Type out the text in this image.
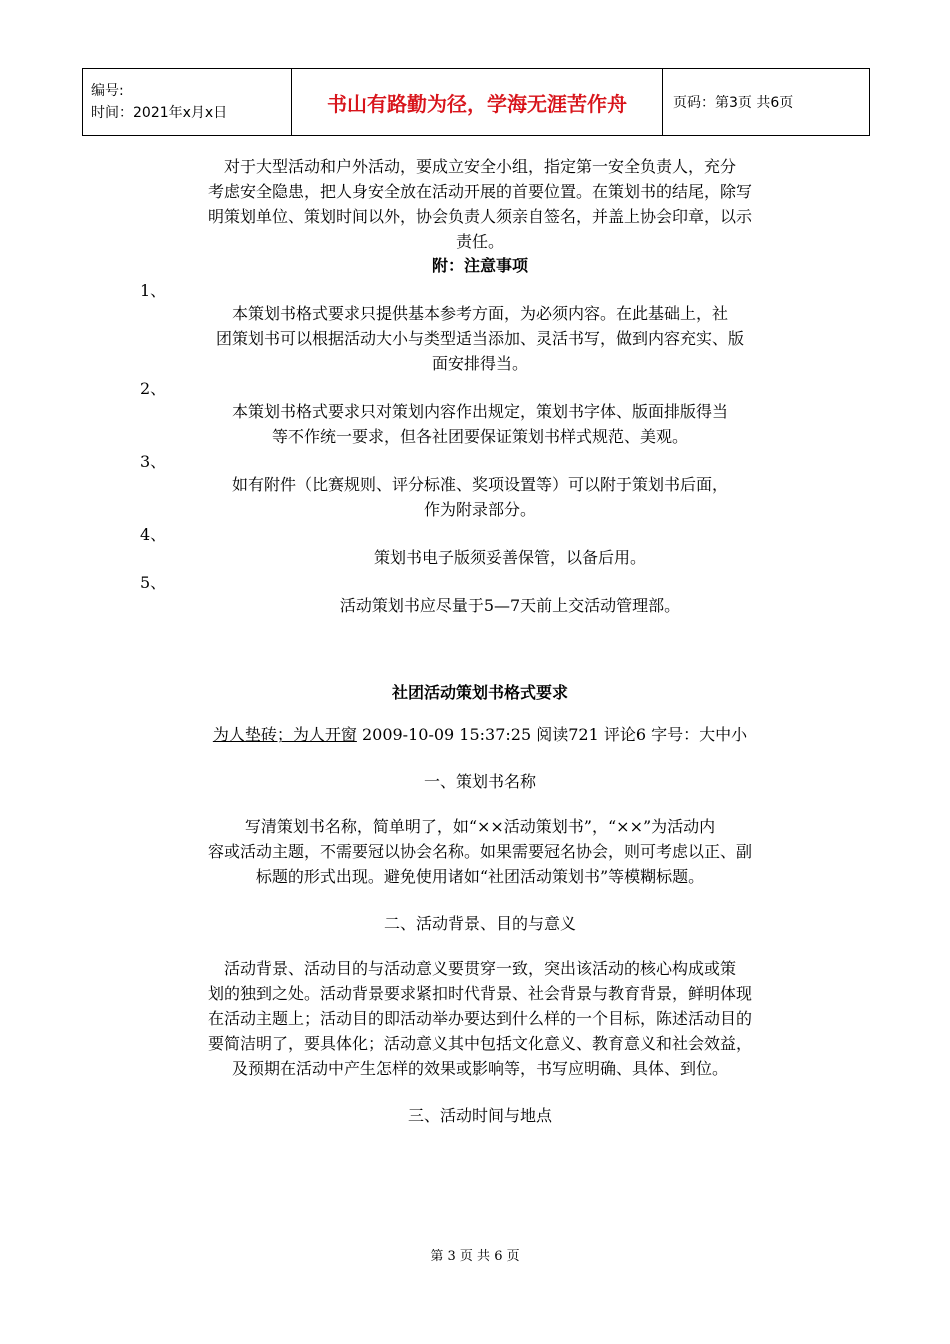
编号:
时间：2021年x月x日	书山有路勤为径，学海无涯苦作舟	页码：第3页 共6页

对于大型活动和户外活动，要成立安全小组，指定第一安全负责人，充分

考虑安全隐患，把人身安全放在活动开展的首要位置。在策划书的结尾，除写

明策划单位、策划时间以外，协会负责人须亲自签名，并盖上协会印章，以示

责任。

附：注意事项

1、

本策划书格式要求只提供基本参考方面，为必须内容。在此基础上，社

团策划书可以根据活动大小与类型适当添加、灵活书写，做到内容充实、版

面安排得当。

2、

本策划书格式要求只对策划内容作出规定，策划书字体、版面排版得当

等不作统一要求，但各社团要保证策划书样式规范、美观。

3、

如有附件（比赛规则、评分标准、奖项设置等）可以附于策划书后面，

作为附录部分。

4、

策划书电子版须妥善保管，以备后用。

5、

活动策划书应尽量于5—7天前上交活动管理部。

社团活动策划书格式要求

为人垫砖；为人开窗 2009-10-09 15:37:25 阅读721 评论6 字号：大中小

一、策划书名称

写清策划书名称，简单明了，如“××活动策划书”，“××”为活动内

容或活动主题，不需要冠以协会名称。如果需要冠名协会，则可考虑以正、副

标题的形式出现。避免使用诸如“社团活动策划书”等模糊标题。

二、活动背景、目的与意义

活动背景、活动目的与活动意义要贯穿一致，突出该活动的核心构成或策

划的独到之处。活动背景要求紧扣时代背景、社会背景与教育背景，鲜明体现

在活动主题上；活动目的即活动举办要达到什么样的一个目标，陈述活动目的

要简洁明了，要具体化；活动意义其中包括文化意义、教育意义和社会效益，

及预期在活动中产生怎样的效果或影响等，书写应明确、具体、到位。

三、活动时间与地点

第 3 页 共 6 页
